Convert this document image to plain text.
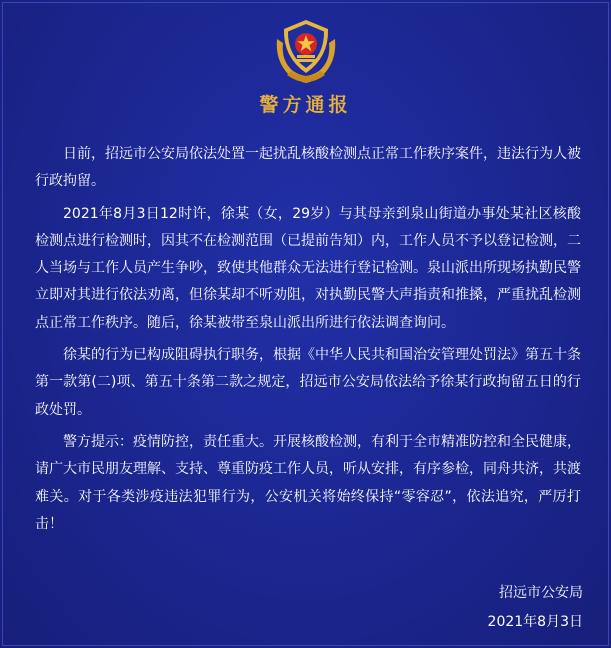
警方通报

日前，招远市公安局依法处置一起扰乱核酸检测点正常工作秩序案件，违法行为人被行政拘留。

2021年8月3日12时许，徐某（女，29岁）与其母亲到泉山街道办事处某社区核酸检测点进行检测时，因其不在检测范围（已提前告知）内，工作人员不予以登记检测，二人当场与工作人员产生争吵，致使其他群众无法进行登记检测。泉山派出所现场执勤民警立即对其进行依法劝离，但徐某却不听劝阻，对执勤民警大声指责和推搡，严重扰乱检测点正常工作秩序。随后，徐某被带至泉山派出所进行依法调查询问。

徐某的行为已构成阻碍执行职务，根据《中华人民共和国治安管理处罚法》第五十条第一款第(二)项、第五十条第二款之规定，招远市公安局依法给予徐某行政拘留五日的行政处罚。

警方提示：疫情防控，责任重大。开展核酸检测，有利于全市精准防控和全民健康，请广大市民朋友理解、支持、尊重防疫工作人员，听从安排，有序参检，同舟共济，共渡难关。对于各类涉疫违法犯罪行为，公安机关将始终保持“零容忍”，依法追究，严厉打击！

招远市公安局
2021年8月3日
